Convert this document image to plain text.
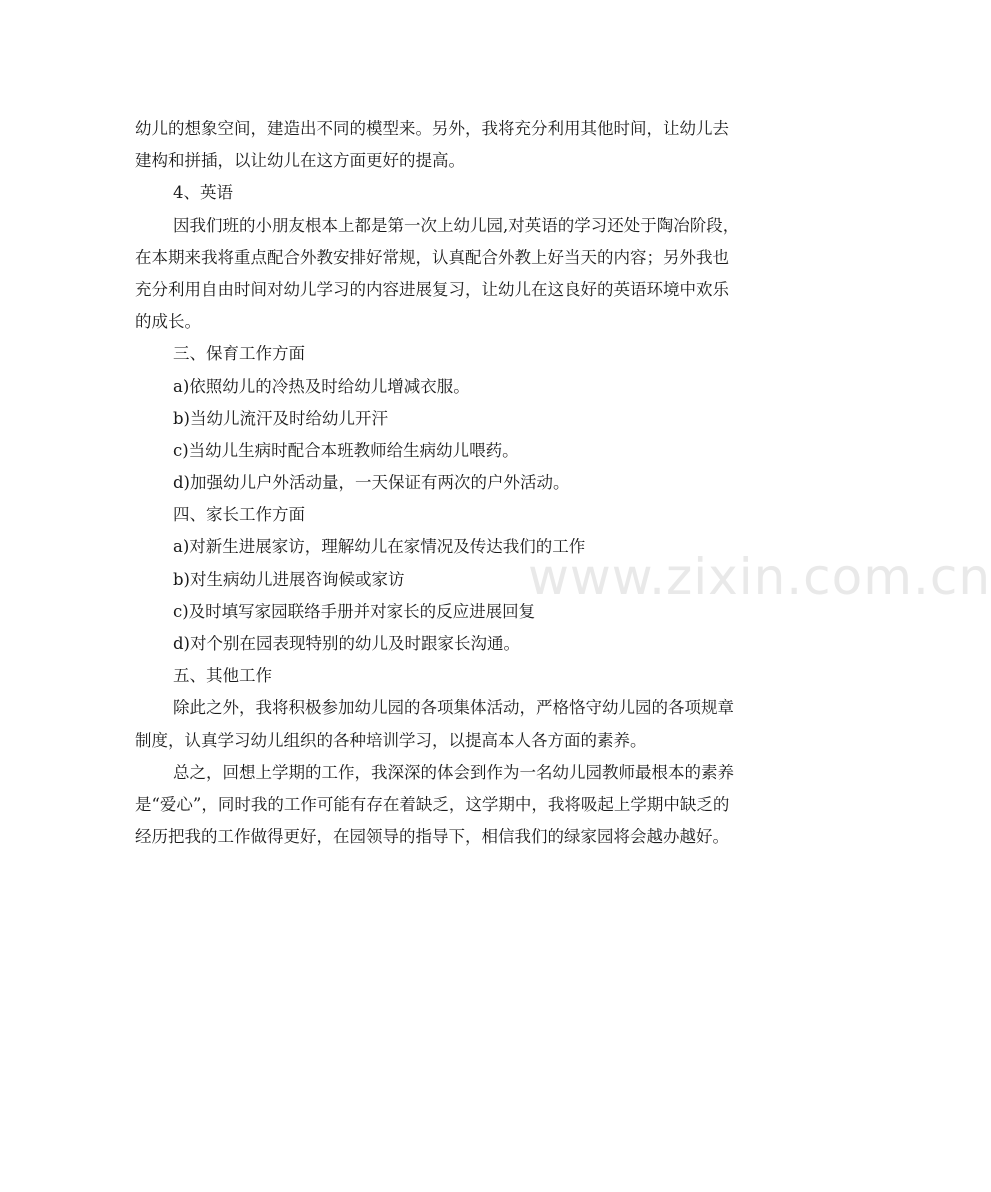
www.zixin.com.cn
幼儿的想象空间，建造出不同的模型来。另外，我将充分利用其他时间，让幼儿去
建构和拼插，以让幼儿在这方面更好的提高。
4、英语
因我们班的小朋友根本上都是第一次上幼儿园,对英语的学习还处于陶冶阶段，
在本期来我将重点配合外教安排好常规，认真配合外教上好当天的内容；另外我也
充分利用自由时间对幼儿学习的内容进展复习，让幼儿在这良好的英语环境中欢乐
的成长。
三、保育工作方面
a)依照幼儿的冷热及时给幼儿增减衣服。
b)当幼儿流汗及时给幼儿开汗
c)当幼儿生病时配合本班教师给生病幼儿喂药。
d)加强幼儿户外活动量，一天保证有两次的户外活动。
四、家长工作方面
a)对新生进展家访，理解幼儿在家情况及传达我们的工作
b)对生病幼儿进展咨询候或家访
c)及时填写家园联络手册并对家长的反应进展回复
d)对个别在园表现特别的幼儿及时跟家长沟通。
五、其他工作
除此之外，我将积极参加幼儿园的各项集体活动，严格恪守幼儿园的各项规章
制度，认真学习幼儿组织的各种培训学习，以提高本人各方面的素养。
总之，回想上学期的工作，我深深的体会到作为一名幼儿园教师最根本的素养
是“爱心”，同时我的工作可能有存在着缺乏，这学期中，我将吸起上学期中缺乏的
经历把我的工作做得更好，在园领导的指导下，相信我们的绿家园将会越办越好。
